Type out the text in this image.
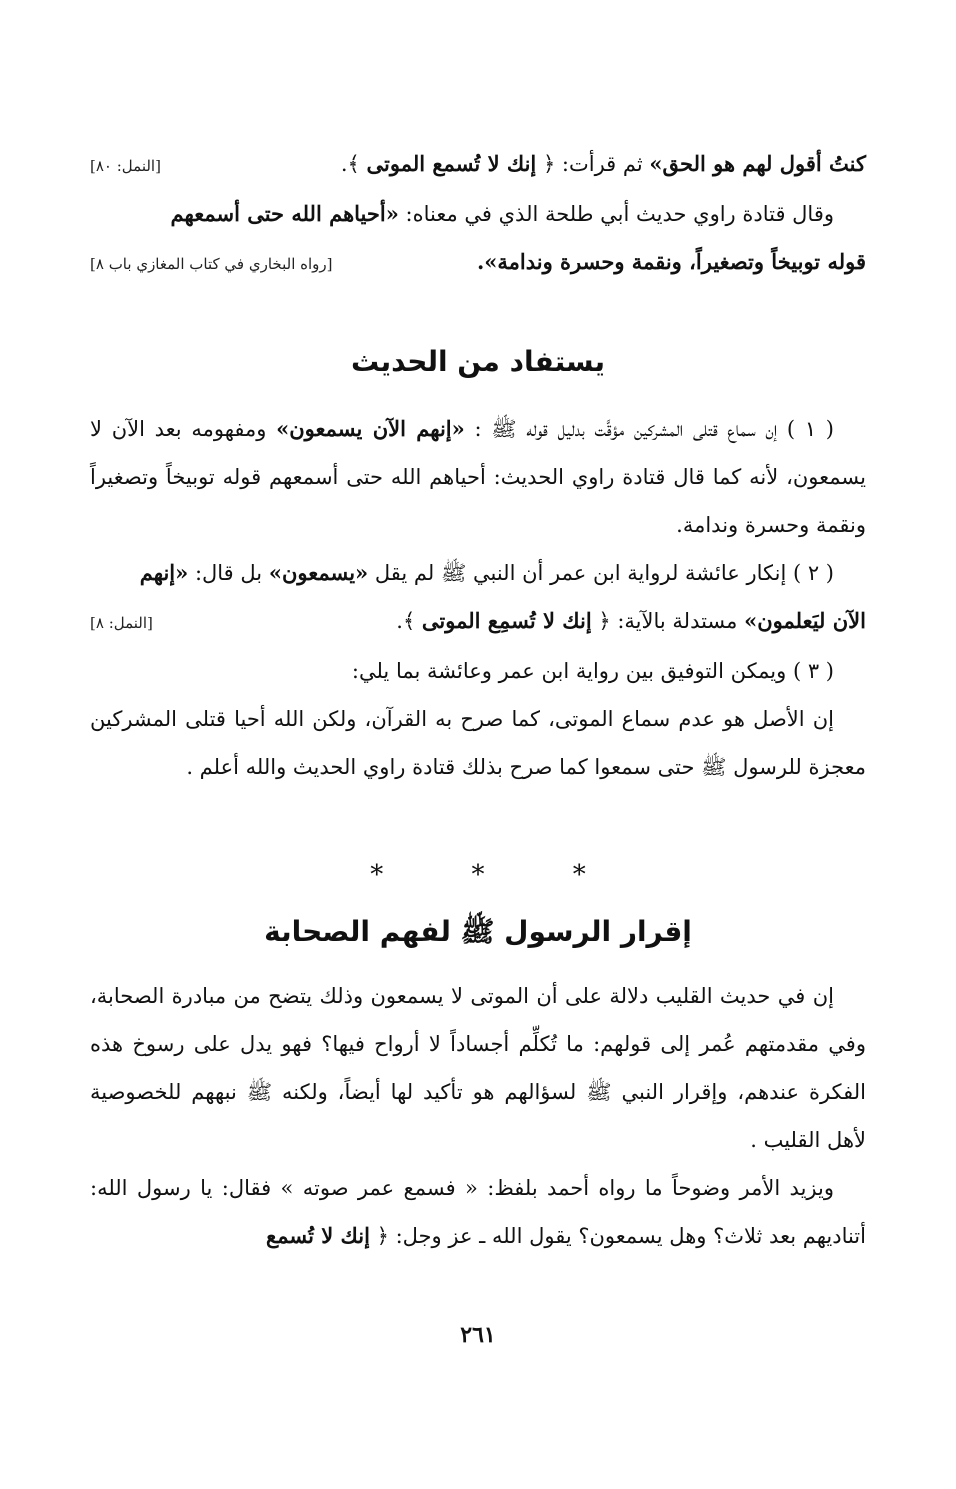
كنتُ أقول لهم هو الحق» ثم قرأت: ﴿ إنك لا تُسمع الموتى ﴾.
[النمل: ٨٠]
وقال قتادة راوي حديث أبي طلحة الذي في معناه: «أحياهم الله حتى أسمعهم
قوله توبيخاً وتصغيراً، ونقمة وحسرة وندامة».
[رواه البخاري في كتاب المغازي باب ٨]
يستفاد من الحديث

( ١ ) إن سماع قتلى المشركين مؤقَّت بدليل قوله ﷺ : «إنهم الآن يسمعون» ومفهومه بعد الآن لا يسمعون، لأنه كما قال قتادة راوي الحديث: أحياهم الله حتى أسمعهم قوله توبيخاً وتصغيراً ونقمة وحسرة وندامة.

( ٢ ) إنكار عائشة لرواية ابن عمر أن النبي ﷺ لم يقل «يسمعون» بل قال: «إنهم

الآن ليَعلمون» مستدلة بالآية: ﴿ إنك لا تُسمِع الموتى ﴾.
[النمل: ٨]

( ٣ ) ويمكن التوفيق بين رواية ابن عمر وعائشة بما يلي:

إن الأصل هو عدم سماع الموتى، كما صرح به القرآن، ولكن الله أحيا قتلى المشركين معجزة للرسول ﷺ حتى سمعوا كما صرح بذلك قتادة راوي الحديث والله أعلم .

* * *
إقرار الرسول ﷺ لفهم الصحابة

إن في حديث القليب دلالة على أن الموتى لا يسمعون وذلك يتضح من مبادرة الصحابة، وفي مقدمتهم عُمر إلى قولهم: ما تُكلِّم أجساداً لا أرواح فيها؟ فهو يدل على رسوخ هذه الفكرة عندهم، وإقرار النبي ﷺ لسؤالهم هو تأكيد لها أيضاً، ولكنه ﷺ نبههم للخصوصية لأهل القليب .

ويزيد الأمر وضوحاً ما رواه أحمد بلفظ: « فسمع عمر صوته » فقال: يا رسول الله: أتناديهم بعد ثلاث؟ وهل يسمعون؟ يقول الله ـ عز وجل: ﴿ إنك لا تُسمع

٢٦١
